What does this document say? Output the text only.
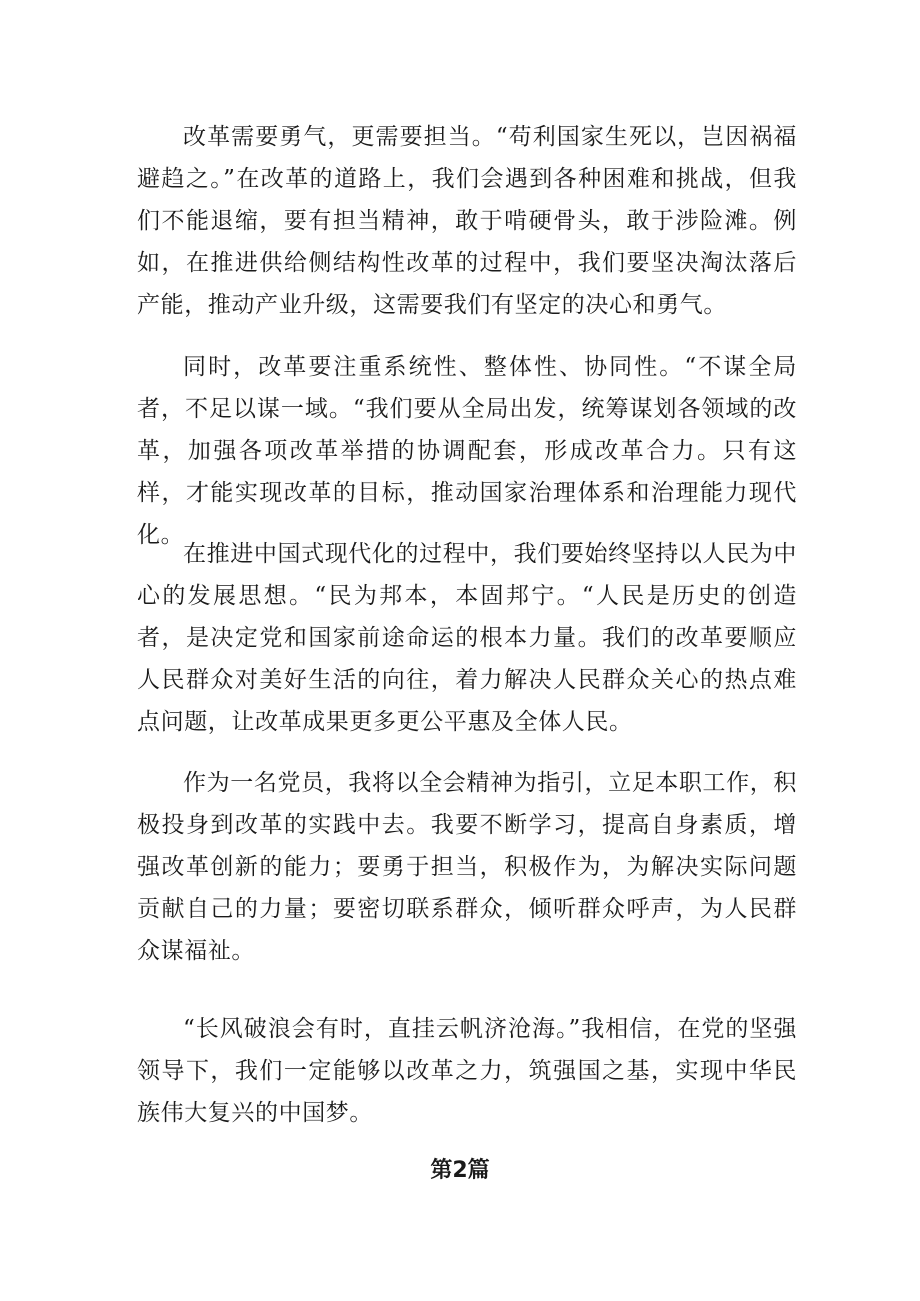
改革需要勇气，更需要担当。“苟利国家生死以，岂因祸福避趋之。”在改革的道路上，我们会遇到各种困难和挑战，但我们不能退缩，要有担当精神，敢于啃硬骨头，敢于涉险滩。例如，在推进供给侧结构性改革的过程中，我们要坚决淘汰落后产能，推动产业升级，这需要我们有坚定的决心和勇气。

同时，改革要注重系统性、整体性、协同性。“不谋全局者，不足以谋一域。“我们要从全局出发，统筹谋划各领域的改革，加强各项改革举措的协调配套，形成改革合力。只有这样，才能实现改革的目标，推动国家治理体系和治理能力现代化。

在推进中国式现代化的过程中，我们要始终坚持以人民为中心的发展思想。“民为邦本，本固邦宁。“人民是历史的创造者，是决定党和国家前途命运的根本力量。我们的改革要顺应人民群众对美好生活的向往，着力解决人民群众关心的热点难点问题，让改革成果更多更公平惠及全体人民。

作为一名党员，我将以全会精神为指引，立足本职工作，积极投身到改革的实践中去。我要不断学习，提高自身素质，增强改革创新的能力；要勇于担当，积极作为，为解决实际问题贡献自己的力量；要密切联系群众，倾听群众呼声，为人民群众谋福祉。

“长风破浪会有时，直挂云帆济沧海。”我相信，在党的坚强领导下，我们一定能够以改革之力，筑强国之基，实现中华民族伟大复兴的中国梦。

第2篇
